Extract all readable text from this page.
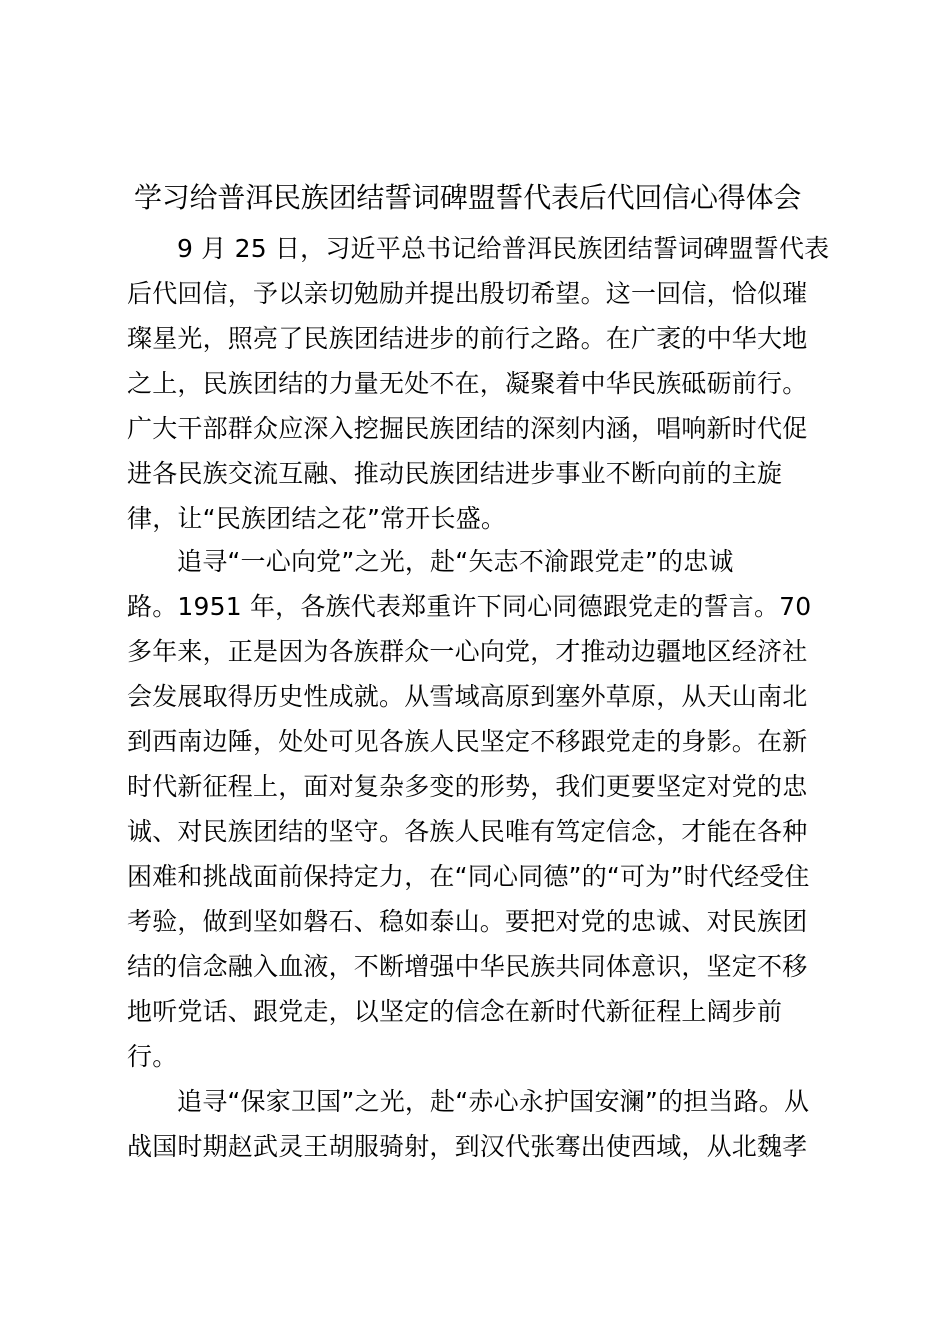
学习给普洱民族团结誓词碑盟誓代表后代回信心得体会

9 月 25 日，习近平总书记给普洱民族团结誓词碑盟誓代表

后代回信，予以亲切勉励并提出殷切希望。这一回信，恰似璀

璨星光，照亮了民族团结进步的前行之路。在广袤的中华大地

之上，民族团结的力量无处不在，凝聚着中华民族砥砺前行。

广大干部群众应深入挖掘民族团结的深刻内涵，唱响新时代促

进各民族交流互融、推动民族团结进步事业不断向前的主旋

律，让“民族团结之花”常开长盛。

追寻“一心向党”之光，赴“矢志不渝跟党走”的忠诚

路。1951 年，各族代表郑重许下同心同德跟党走的誓言。70

多年来，正是因为各族群众一心向党，才推动边疆地区经济社

会发展取得历史性成就。从雪域高原到塞外草原，从天山南北

到西南边陲，处处可见各族人民坚定不移跟党走的身影。在新

时代新征程上，面对复杂多变的形势，我们更要坚定对党的忠

诚、对民族团结的坚守。各族人民唯有笃定信念，才能在各种

困难和挑战面前保持定力，在“同心同德”的“可为”时代经受住

考验，做到坚如磐石、稳如泰山。要把对党的忠诚、对民族团

结的信念融入血液，不断增强中华民族共同体意识，坚定不移

地听党话、跟党走，以坚定的信念在新时代新征程上阔步前

行。

追寻“保家卫国”之光，赴“赤心永护国安澜”的担当路。从

战国时期赵武灵王胡服骑射，到汉代张骞出使西域，从北魏孝
